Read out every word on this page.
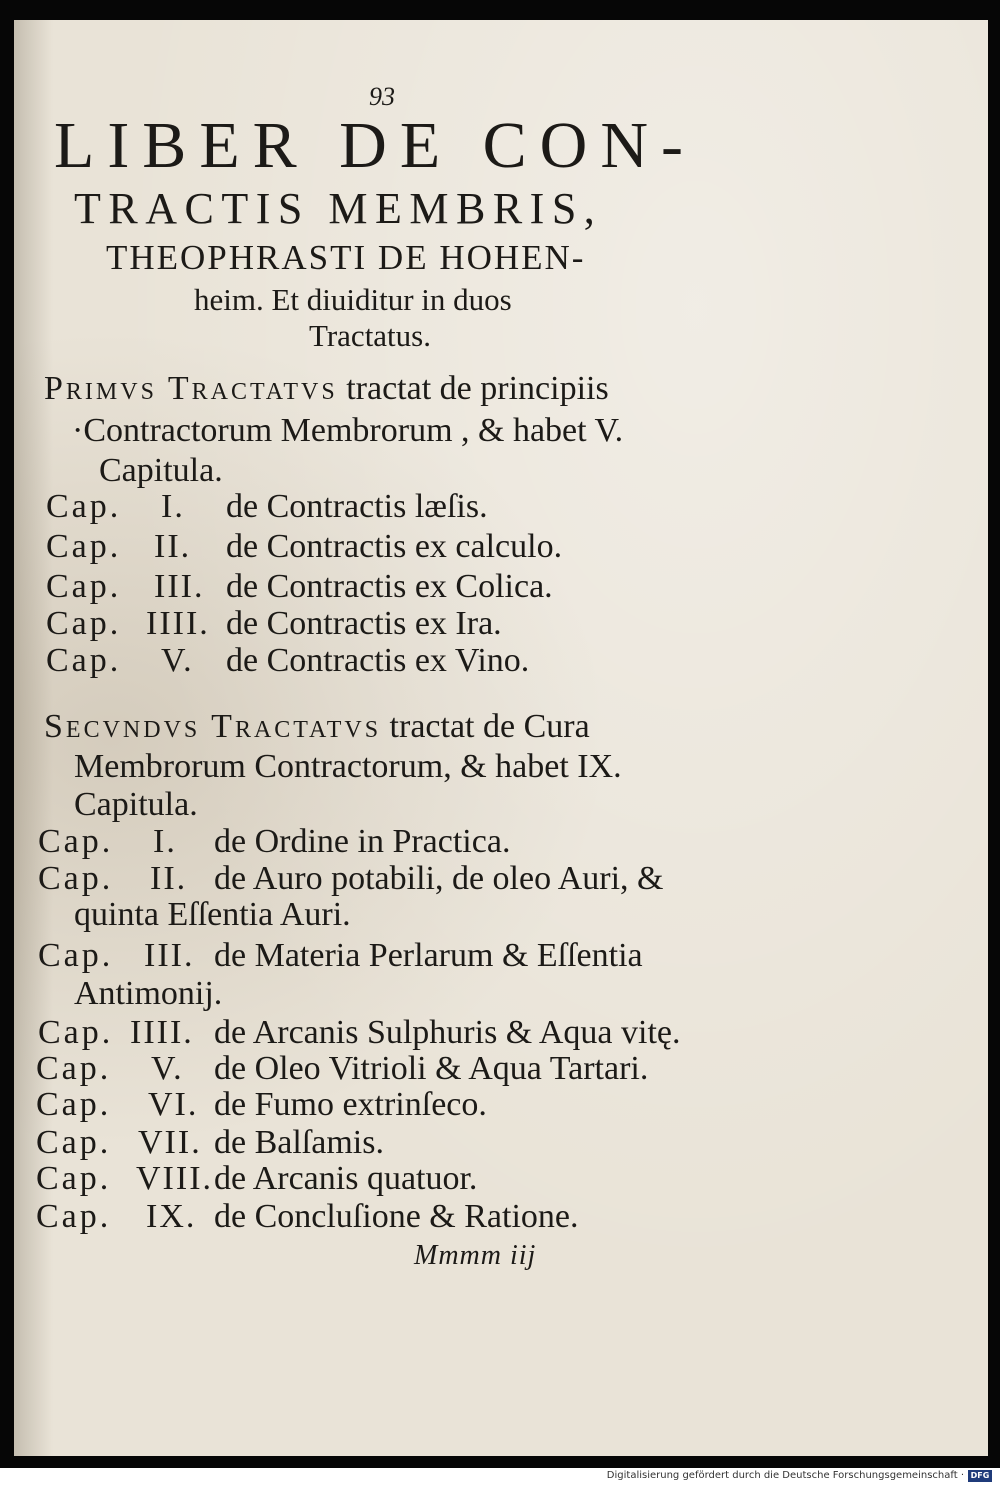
93
LIBER DE CON-
TRACTIS MEMBRIS,
THEOPHRASTI DE HOHEN-
heim. Et diuiditur in duos
Tractatus.
PRIMVS TRACTATVS tractat de principiis
·Contractorum Membrorum , & habet V.
Capitula.
Cap. I. de Contractis læſis.
Cap. II. de Contractis ex calculo.
Cap. III. de Contractis ex Colica.
Cap. IIII. de Contractis ex Ira.
Cap. V. de Contractis ex Vino.
SECVNDVS TRACTATVS tractat de Cura
Membrorum Contractorum, & habet IX.
Capitula.
Cap. I. de Ordine in Practica.
Cap. II. de Auro potabili, de oleo Auri, &
quinta Eſſentia Auri.
Cap. III. de Materia Perlarum & Eſſentia
Antimonij.
Cap. IIII. de Arcanis Sulphuris & Aqua vitę.
Cap. V. de Oleo Vitrioli & Aqua Tartari.
Cap. VI. de Fumo extrinſeco.
Cap. VII. de Balſamis.
Cap. VIII. de Arcanis quatuor.
Cap. IX. de Concluſione & Ratione.
Mmmm iij
Digitalisierung gefördert durch die Deutsche Forschungsgemeinschaft · DFG
